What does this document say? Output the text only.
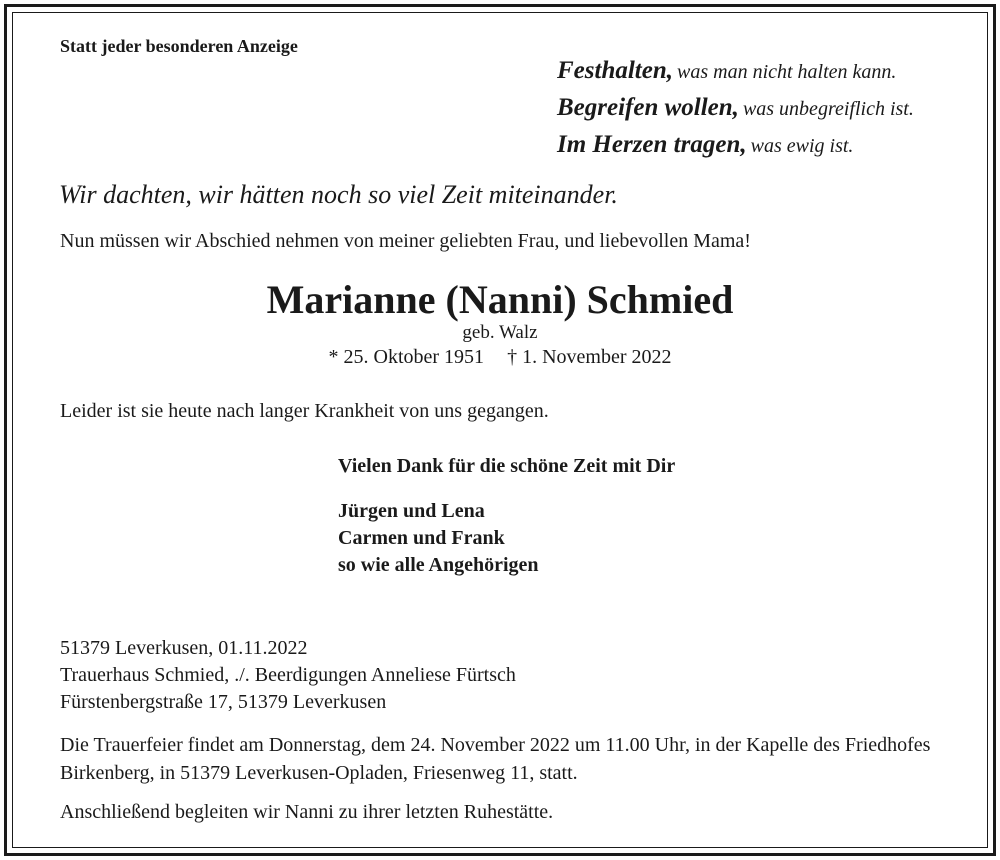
Statt jeder besonderen Anzeige
Festhalten, was man nicht halten kann.
Begreifen wollen, was unbegreiflich ist.
Im Herzen tragen, was ewig ist.
Wir dachten, wir hätten noch so viel Zeit miteinander.
Nun müssen wir Abschied nehmen von meiner geliebten Frau, und liebevollen Mama!
Marianne (Nanni) Schmied
geb. Walz
* 25. Oktober 1951 † 1. November 2022
Leider ist sie heute nach langer Krankheit von uns gegangen.
Vielen Dank für die schöne Zeit mit Dir
Jürgen und Lena
Carmen und Frank
so wie alle Angehörigen
51379 Leverkusen, 01.11.2022
Trauerhaus Schmied, ./. Beerdigungen Anneliese Fürtsch
Fürstenbergstraße 17, 51379 Leverkusen
Die Trauerfeier findet am Donnerstag, dem 24. November 2022 um 11.00 Uhr, in der Kapelle des Friedhofes Birkenberg, in 51379 Leverkusen-Opladen, Friesenweg 11, statt.
Anschließend begleiten wir Nanni zu ihrer letzten Ruhestätte.
